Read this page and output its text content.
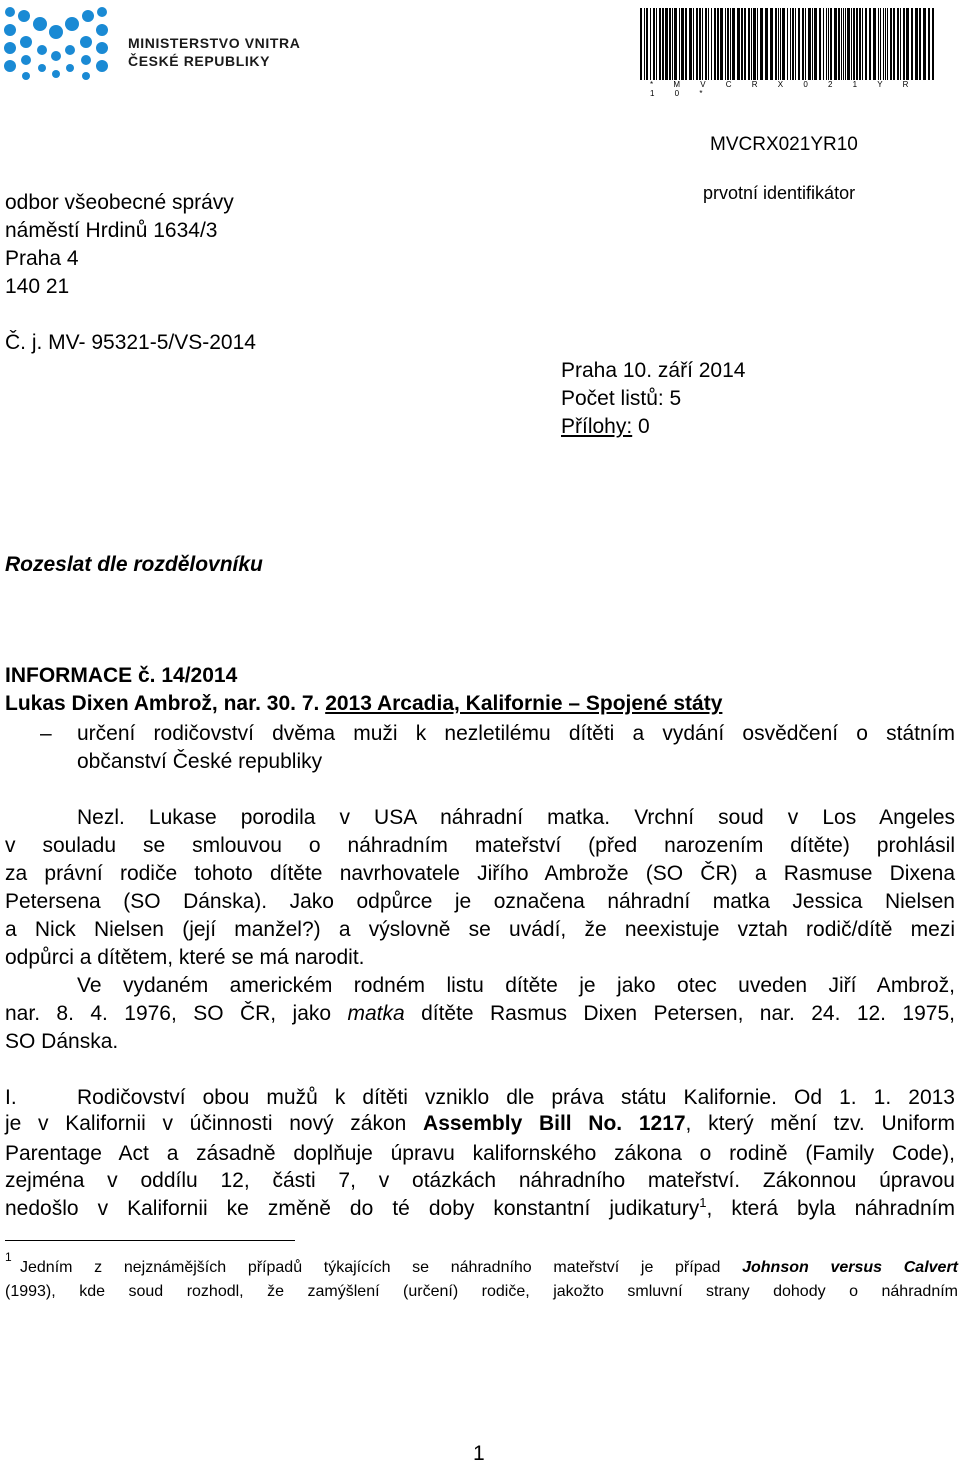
MINISTERSTVO VNITRA
ČESKÉ REPUBLIKY
* M V C R X 0 2 1 Y R 1 0 *
MVCRX021YR10
prvotní identifikátor
odbor všeobecné správy
náměstí Hrdinů 1634/3
Praha 4
140 21
Č. j. MV- 95321-5/VS-2014
Praha 10. září 2014
Počet listů: 5
Přílohy: 0
Rozeslat dle rozdělovníku
INFORMACE č. 14/2014
Lukas Dixen Ambrož, nar. 30. 7. 2013 Arcadia, Kalifornie – Spojené státy
– určení rodičovství dvěma muži k nezletilému dítěti a vydání osvědčení o státním
občanství České republiky
Nezl. Lukase porodila v USA náhradní matka. Vrchní soud v Los Angeles
v souladu se smlouvou o náhradním mateřství (před narozením dítěte) prohlásil
za právní rodiče tohoto dítěte navrhovatele Jiřího Ambrože (SO ČR) a Rasmuse Dixena
Petersena (SO Dánska). Jako odpůrce je označena náhradní matka Jessica Nielsen
a Nick Nielsen (její manžel?) a výslovně se uvádí, že neexistuje vztah rodič/dítě mezi
odpůrci a dítětem, které se má narodit.
Ve vydaném americkém rodném listu dítěte je jako otec uveden Jiří Ambrož,
nar. 8. 4. 1976, SO ČR, jako matka dítěte Rasmus Dixen Petersen, nar. 24. 12. 1975,
SO Dánska.
I.	Rodičovství obou mužů k dítěti vzniklo dle práva státu Kalifornie. Od 1. 1. 2013
je v Kalifornii v účinnosti nový zákon Assembly Bill No. 1217, který mění tzv. Uniform
Parentage Act a zásadně doplňuje úpravu kalifornského zákona o rodině (Family Code),
zejména v oddílu 12, části 7, v otázkách náhradního mateřství. Zákonnou úpravou
nedošlo v Kalifornii ke změně do té doby konstantní judikatury$^1$, která byla náhradním
1
Jedním z nejznámějších případů týkajících se náhradního mateřství je případ Johnson versus Calvert
(1993), kde soud rozhodl, že zamýšlení (určení) rodiče, jakožto smluvní strany dohody o náhradním
1
